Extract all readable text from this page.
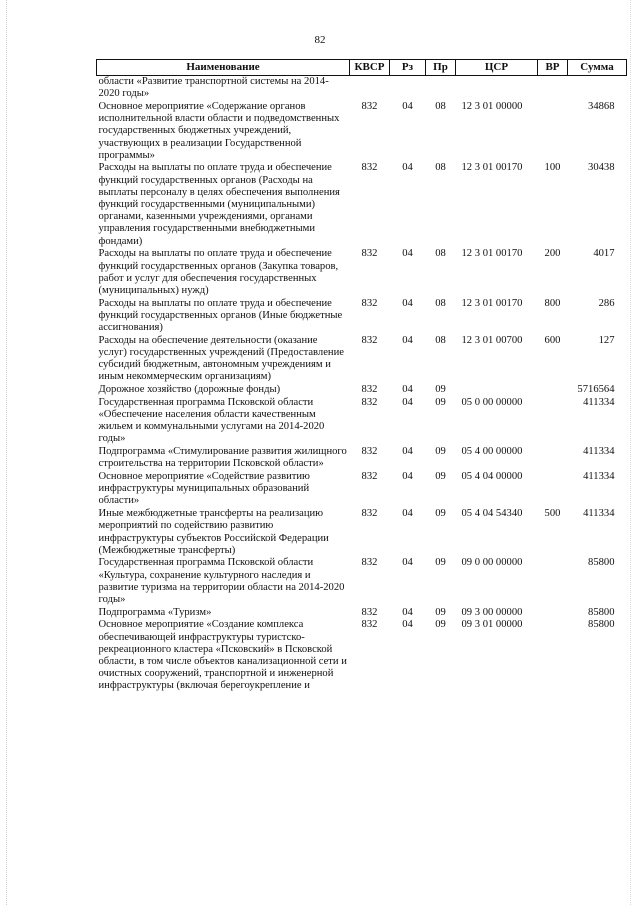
82
Наименование	КВСР	Рз	Пр	ЦСР	ВР	Сумма
области «Развитие транспортной системы на 2014-2020 годы»						
Основное мероприятие «Содержание органов исполнительной власти области и подведомственных государственных бюджетных учреждений, участвующих в реализации Государственной программы»	832	04	08	12 3 01 00000		34868
Расходы на выплаты по оплате труда и обеспечение функций государственных органов (Расходы на выплаты персоналу в целях обеспечения выполнения функций государственными (муниципальными) органами, казенными учреждениями, органами управления государственными внебюджетными фондами)	832	04	08	12 3 01 00170	100	30438
Расходы на выплаты по оплате труда и обеспечение функций государственных органов (Закупка товаров, работ и услуг для обеспечения государственных (муниципальных) нужд)	832	04	08	12 3 01 00170	200	4017
Расходы на выплаты по оплате труда и обеспечение функций государственных органов (Иные бюджетные ассигнования)	832	04	08	12 3 01 00170	800	286
Расходы на обеспечение деятельности (оказание услуг) государственных учреждений (Предоставление субсидий бюджетным, автономным учреждениям и иным некоммерческим организациям)	832	04	08	12 3 01 00700	600	127
Дорожное хозяйство (дорожные фонды)	832	04	09			5716564
Государственная программа Псковской области «Обеспечение населения области качественным жильем и коммунальными услугами на 2014-2020 годы»	832	04	09	05 0 00 00000		411334
Подпрограмма «Стимулирование развития жилищного строительства на территории Псковской области»	832	04	09	05 4 00 00000		411334
Основное мероприятие «Содействие развитию инфраструктуры муниципальных образований области»	832	04	09	05 4 04 00000		411334
Иные межбюджетные трансферты на реализацию мероприятий по содействию развитию инфраструктуры субъектов Российской Федерации (Межбюджетные трансферты)	832	04	09	05 4 04 54340	500	411334
Государственная программа Псковской области «Культура, сохранение культурного наследия и развитие туризма на территории области на 2014-2020 годы»	832	04	09	09 0 00 00000		85800
Подпрограмма «Туризм»	832	04	09	09 3 00 00000		85800
Основное мероприятие «Создание комплекса обеспечивающей инфраструктуры туристско-рекреационного кластера «Псковский» в Псковской области, в том числе объектов канализационной сети и очистных сооружений, транспортной и инженерной инфраструктуры (включая берегоукрепление и	832	04	09	09 3 01 00000		85800
